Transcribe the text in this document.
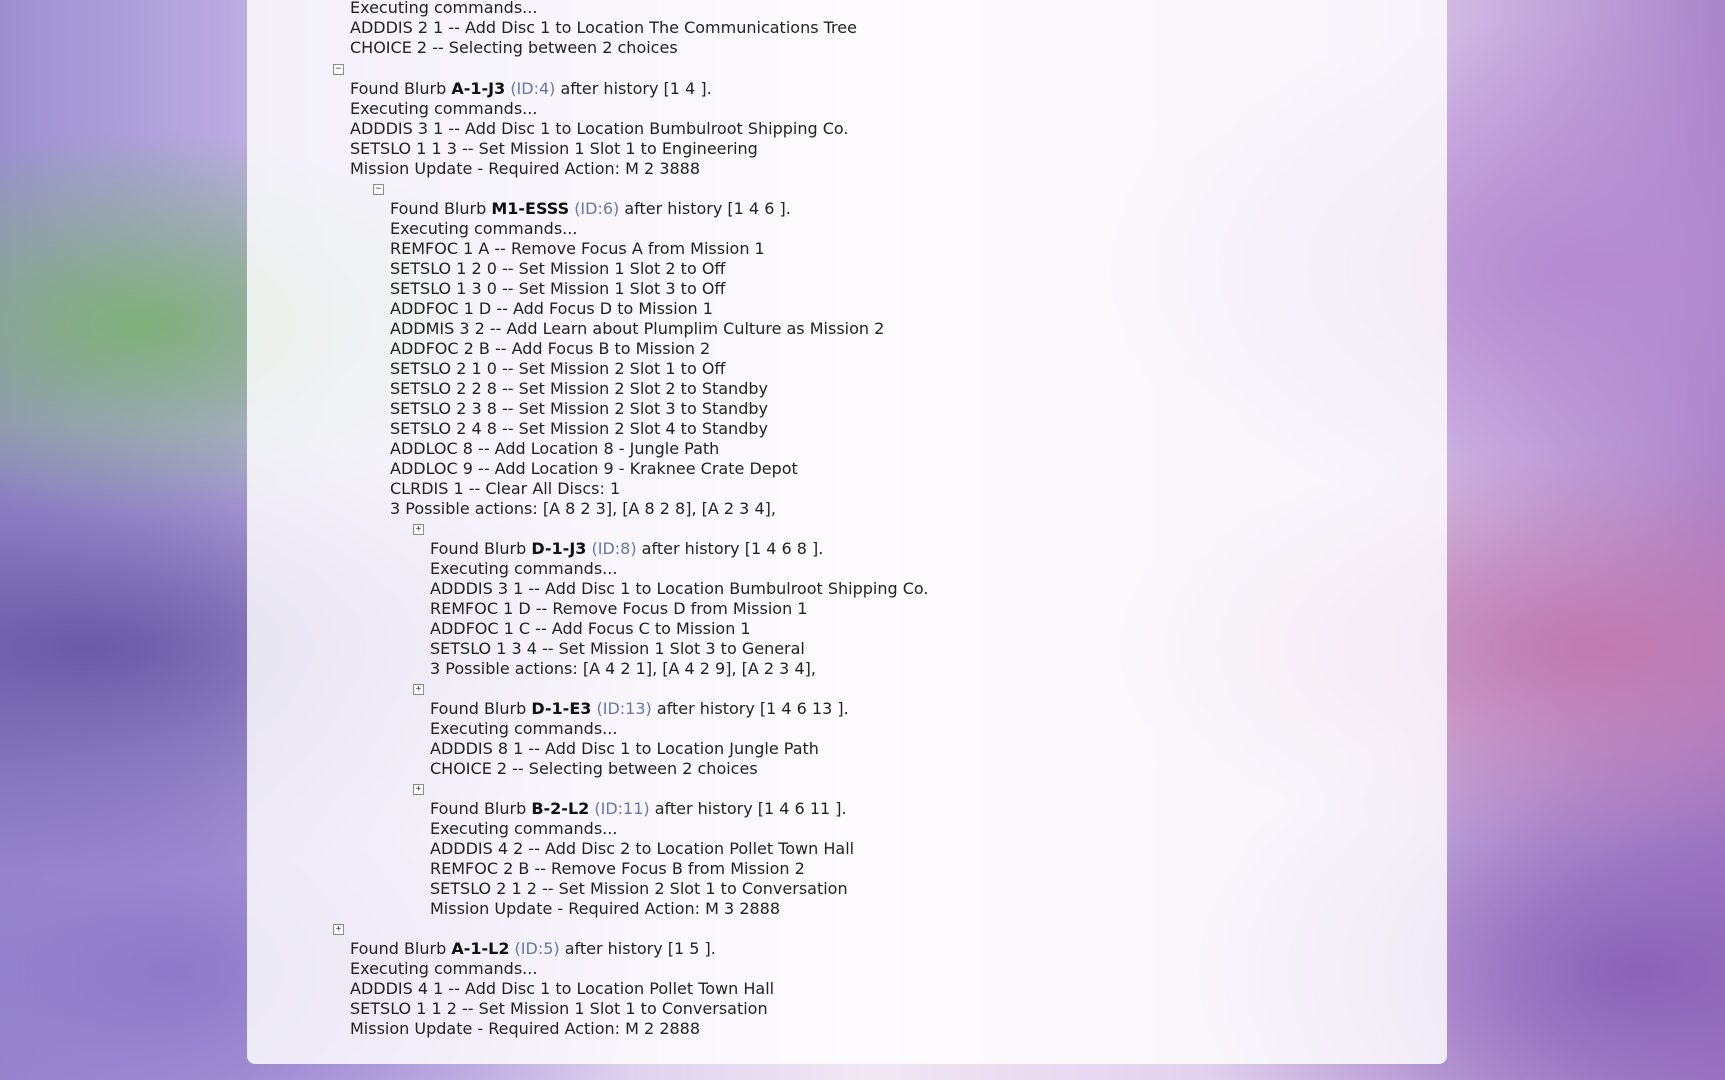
Executing commands...
ADDDIS 2 1 -- Add Disc 1 to Location The Communications Tree
CHOICE 2 -- Selecting between 2 choices
−
Found Blurb A-1-J3 (ID:4) after history [1 4 ].
Executing commands...
ADDDIS 3 1 -- Add Disc 1 to Location Bumbulroot Shipping Co.
SETSLO 1 1 3 -- Set Mission 1 Slot 1 to Engineering
Mission Update - Required Action: M 2 3888
−
Found Blurb M1-ESSS (ID:6) after history [1 4 6 ].
Executing commands...
REMFOC 1 A -- Remove Focus A from Mission 1
SETSLO 1 2 0 -- Set Mission 1 Slot 2 to Off
SETSLO 1 3 0 -- Set Mission 1 Slot 3 to Off
ADDFOC 1 D -- Add Focus D to Mission 1
ADDMIS 3 2 -- Add Learn about Plumplim Culture as Mission 2
ADDFOC 2 B -- Add Focus B to Mission 2
SETSLO 2 1 0 -- Set Mission 2 Slot 1 to Off
SETSLO 2 2 8 -- Set Mission 2 Slot 2 to Standby
SETSLO 2 3 8 -- Set Mission 2 Slot 3 to Standby
SETSLO 2 4 8 -- Set Mission 2 Slot 4 to Standby
ADDLOC 8 -- Add Location 8 - Jungle Path
ADDLOC 9 -- Add Location 9 - Kraknee Crate Depot
CLRDIS 1 -- Clear All Discs: 1
3 Possible actions: [A 8 2 3], [A 8 2 8], [A 2 3 4],
+
Found Blurb D-1-J3 (ID:8) after history [1 4 6 8 ].
Executing commands...
ADDDIS 3 1 -- Add Disc 1 to Location Bumbulroot Shipping Co.
REMFOC 1 D -- Remove Focus D from Mission 1
ADDFOC 1 C -- Add Focus C to Mission 1
SETSLO 1 3 4 -- Set Mission 1 Slot 3 to General
3 Possible actions: [A 4 2 1], [A 4 2 9], [A 2 3 4],
+
Found Blurb D-1-E3 (ID:13) after history [1 4 6 13 ].
Executing commands...
ADDDIS 8 1 -- Add Disc 1 to Location Jungle Path
CHOICE 2 -- Selecting between 2 choices
+
Found Blurb B-2-L2 (ID:11) after history [1 4 6 11 ].
Executing commands...
ADDDIS 4 2 -- Add Disc 2 to Location Pollet Town Hall
REMFOC 2 B -- Remove Focus B from Mission 2
SETSLO 2 1 2 -- Set Mission 2 Slot 1 to Conversation
Mission Update - Required Action: M 3 2888
+
Found Blurb A-1-L2 (ID:5) after history [1 5 ].
Executing commands...
ADDDIS 4 1 -- Add Disc 1 to Location Pollet Town Hall
SETSLO 1 1 2 -- Set Mission 1 Slot 1 to Conversation
Mission Update - Required Action: M 2 2888
